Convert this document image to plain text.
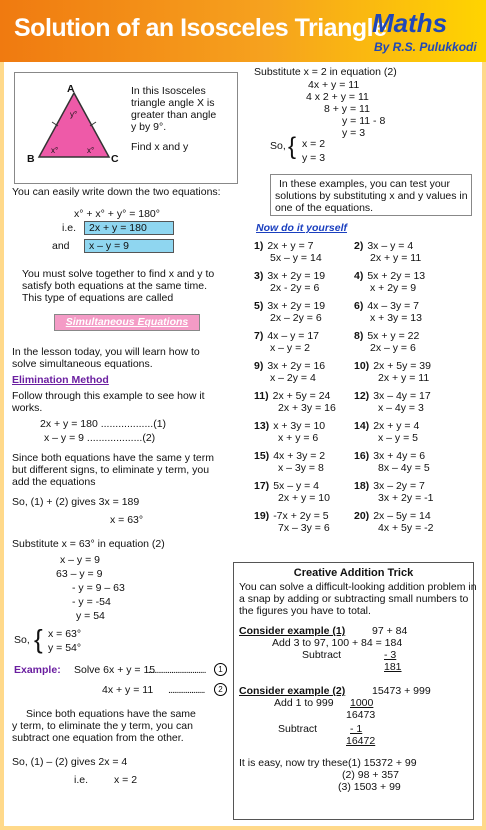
Solution of an Isosceles Triangle
Maths
By R.S. Pulukkodi
A
B	C
y°
x°	x°
In this Isosceles
triangle angle X is
greater than angle
y by 9°.
Find x and y
You can easily write down the two equations:
x° + x° + y° = 180°
i.e.	2x + y = 180
and	x – y = 9
You must solve together to find x and y to
satisfy both equations at the same time.
This type of equations are called
Simultaneous Equations
In the lesson today, you will learn how to
solve simultaneous equations.
Elimination Method
Follow through this example to see how it
works.
2x + y = 180 ..................(1)
x – y = 9 ...................(2)
Since both equations have the same y term
but different signs, to eliminate y term, you
add the equations
So, (1) + (2) gives 3x = 189
x = 63°
Substitute x = 63° in equation (2)
x – y = 9
63 – y = 9
- y = 9 – 63
- y = -54
y = 54
So, { x = 63°
y = 54°
Example: Solve 6x + y = 15
..............................	1
4x + y = 11 ...................	2
Since both equations have the same
y term, to eliminate the y term, you can
subtract one equation from the other.
So, (1) – (2) gives 2x = 4
i.e. x = 2
Substitute x = 2 in equation (2)
4x + y = 11
4 x 2 + y = 11
8 + y = 11
y = 11 - 8
y = 3
So, { x = 2
y = 3
In these examples, you can test your
solutions by substituting x and y values in
one of the equations.
Now do it yourself
1) 2x + y = 7
5x – y = 14
2) 3x – y = 4
2x + y = 11
3) 3x + 2y = 19
2x - 2y = 6
4) 5x + 2y = 13
x + 2y = 9
5) 3x + 2y = 19
2x – 2y = 6
6) 4x – 3y = 7
x + 3y = 13
7) 4x – y = 17
x – y = 2
8) 5x + y = 22
2x – y = 6
9) 3x + 2y = 16
x – 2y = 4
10) 2x + 5y = 39
2x + y = 11
11) 2x + 5y = 24
2x + 3y = 16
12) 3x – 4y = 17
x – 4y = 3
13) x + 3y = 10
x + y = 6
14) 2x + y = 4
x – y = 5
15) 4x + 3y = 2
x – 3y = 8
16) 3x + 4y = 6
8x – 4y = 5
17) 5x – y = 4
2x + y = 10
18) 3x – 2y = 7
3x + 2y = -1
19) -7x + 2y = 5
7x – 3y = 6
20) 2x – 5y = 14
4x + 5y = -2
Creative Addition Trick
You can solve a difficult-looking addition problem in
a snap by adding or subtracting small numbers to
the figures you have to total.
Consider example (1)	97 + 84
Add 3 to 97, 100 + 84 = 184
Subtract	- 3
181
Consider example (2)	15473 + 999
Add 1 to 999 1000
16473
Subtract	- 1
16472
It is easy, now try these (1) 15372 + 99
(2) 98 + 357
(3) 1503 + 99
